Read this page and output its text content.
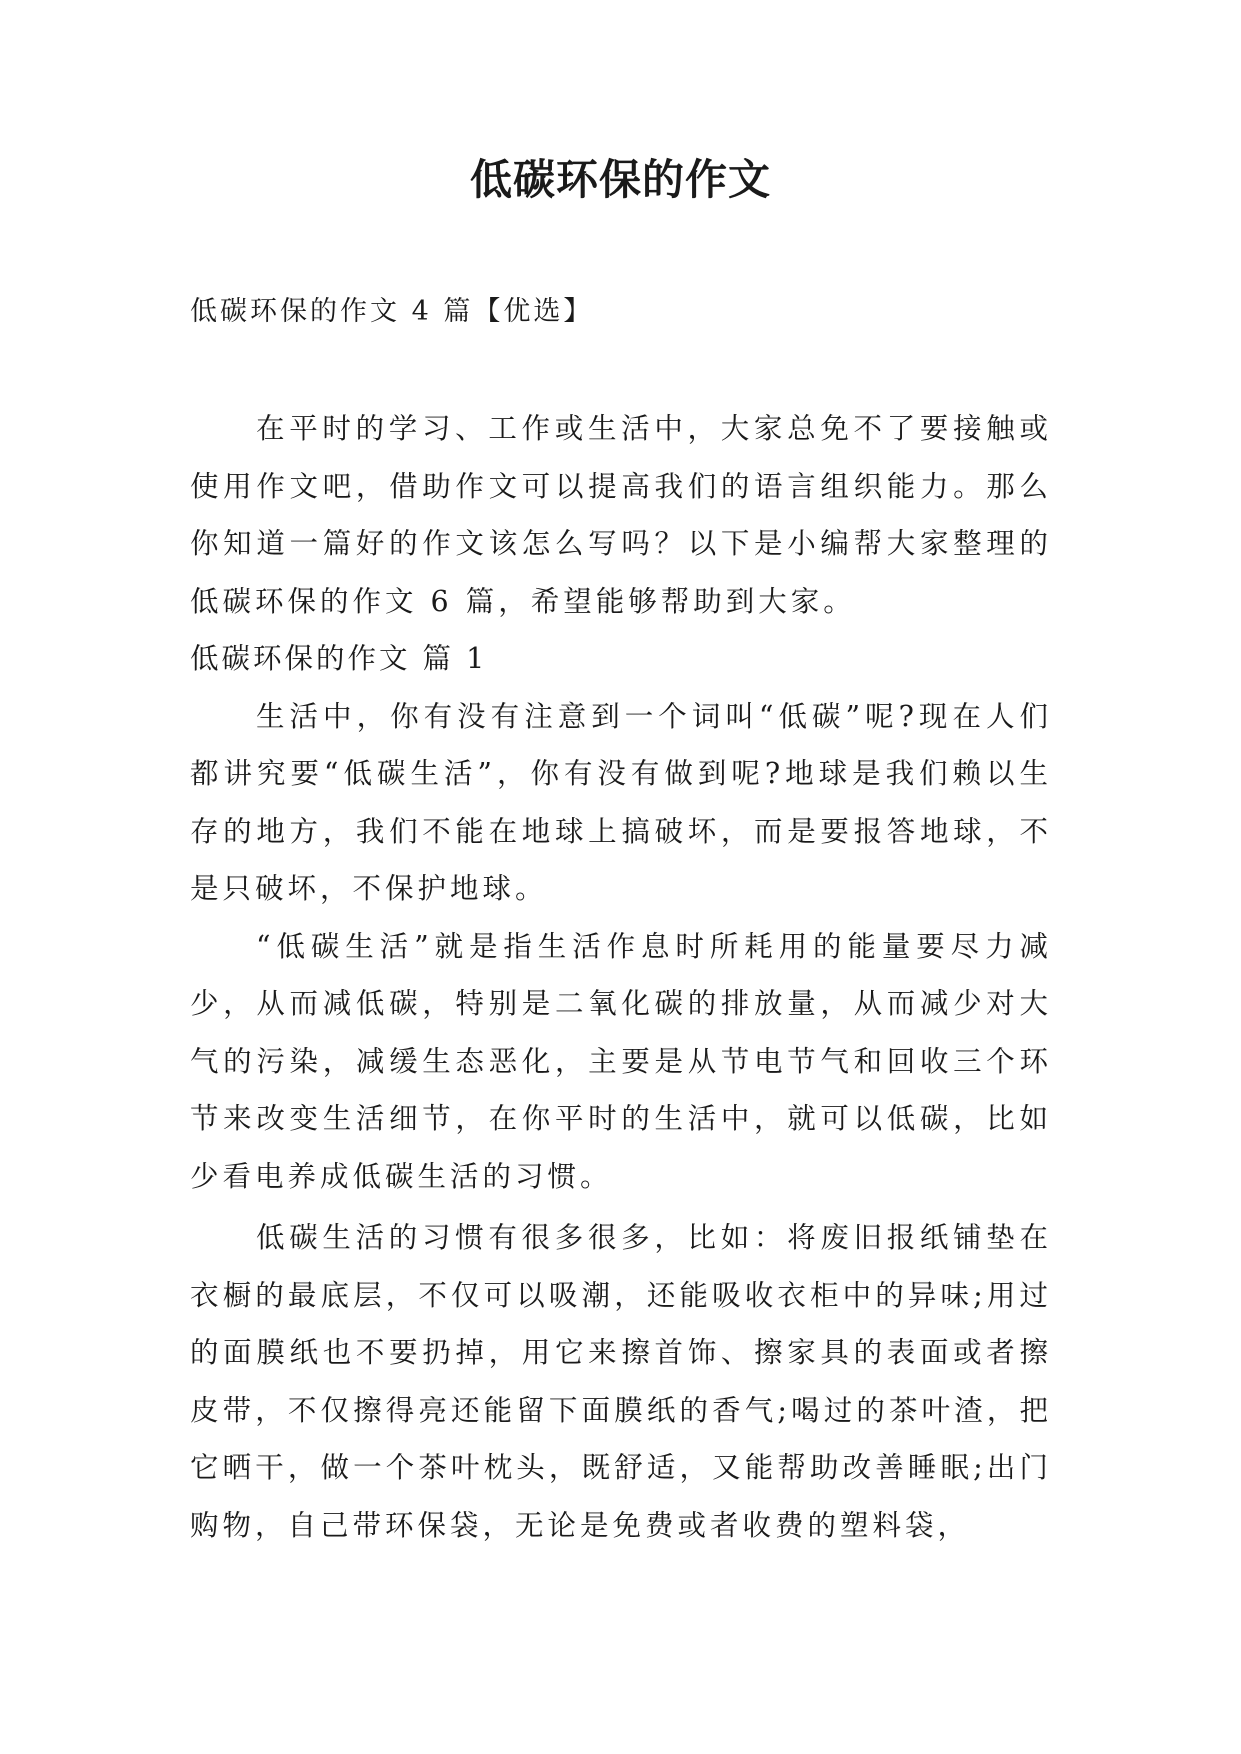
低碳环保的作文
低碳环保的作文 4 篇【优选】

在平时的学习、工作或生活中，大家总免不了要接触或使用作文吧，借助作文可以提高我们的语言组织能力。那么你知道一篇好的作文该怎么写吗？以下是小编帮大家整理的低碳环保的作文 6 篇，希望能够帮助到大家。

低碳环保的作文 篇 1

生活中，你有没有注意到一个词叫“低碳”呢?现在人们都讲究要“低碳生活”，你有没有做到呢?地球是我们赖以生存的地方，我们不能在地球上搞破坏，而是要报答地球，不是只破坏，不保护地球。

“低碳生活”就是指生活作息时所耗用的能量要尽力减少，从而减低碳，特别是二氧化碳的排放量，从而减少对大气的污染，减缓生态恶化，主要是从节电节气和回收三个环节来改变生活细节，在你平时的生活中，就可以低碳，比如少看电养成低碳生活的习惯。

低碳生活的习惯有很多很多，比如：将废旧报纸铺垫在衣橱的最底层，不仅可以吸潮，还能吸收衣柜中的异味;用过的面膜纸也不要扔掉，用它来擦首饰、擦家具的表面或者擦皮带，不仅擦得亮还能留下面膜纸的香气;喝过的茶叶渣，把它晒干，做一个茶叶枕头，既舒适，又能帮助改善睡眠;出门购物，自己带环保袋，无论是免费或者收费的塑料袋，
